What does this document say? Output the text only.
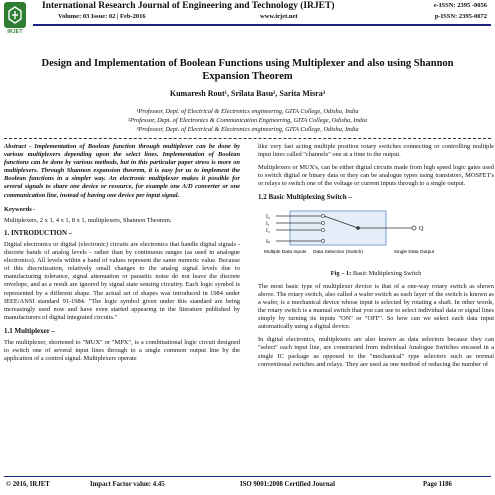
IRJET
International Research Journal of Engineering and Technology (IRJET)	e-ISSN: 2395 -0056
Volume: 03 Issue: 02 | Feb-2016	www.irjet.net	p-ISSN: 2395-0072
Design and Implementation of Boolean Functions using Multiplexer and also using Shannon Expansion Theorem
Kumaresh Rout¹, Srilata Basu², Sarita Misra³
¹Professor, Dept. of Electrical & Electronics engineering, GITA College, Odisha, India
²Professor, Dept. of Electronics & Communication Engineering, GITA College, Odisha, India
³Professor, Dept. of Electrical & Electronics engineering, GITA College, Odisha, India

Abstract - Implementation of Boolean function through multiplexer can be done by various multiplexers depending upon the select lines. Implementation of Boolean functions can be done by various methods, but in this particular paper stress is more on multiplexers. Through Shannon expansion theorem, it is easy for us to implement the Boolean functions in a simpler way. An electronic multiplexer makes it possible for several signals to share one device or resource, for example one A/D converter or one communication line, instead of having one device per input signal.

Keywords -

Multiplexers, 2 x 1, 4 x 1, 8 x 1, multiplexers, Shannon Theorem.

1. INTRODUCTION –

Digital electronics or digital (electronic) circuits are electronics that handle digital signals - discrete bands of analog levels - rather than by continuous ranges (as used in analogue electronics). All levels within a band of values represent the same numeric value. Because of this discretization, relatively small changes to the analog signal levels due to manufacturing tolerance, signal attenuation or parasitic noise do not leave the discrete envelope, and as a result are ignored by signal state sensing circuitry. Each logic symbol is represented by a different shape. The actual set of shapes was introduced in 1984 under IEEE/ANSI standard 91-1984. "The logic symbol given under this standard are being increasingly used now and have even started appearing in the literature published by manufacturers of digital integrated circuits."

1.1 Multiplexer –

The multiplexer, shortened to "MUX" or "MPX", is a combinational logic circuit designed to switch one of several input lines through to a single common output line by the application of a control signal. Multiplexers operate

like very fast acting multiple position rotary switches connecting or controlling multiple input lines called "channels" one at a time to the output.

Multiplexers or MUX's, can be either digital circuits made from high speed logic gates used to switch digital or binary data or they can be analogue types using transistors, MOSFET's or relays to switch one of the voltage or current inputs through to a single output.

1.2 Basic Multiplexing Switch –
I₀
I₁
I₂
Iₙ
Q
Multiple Data Inputs Data Selection (Switch)	Single Data Output
Fig – 1: Basic Multiplexing Switch

The most basic type of multiplexer device is that of a one-way rotary switch as shown above. The rotary switch, also called a wafer switch as each layer of the switch is known as a wafer, is a mechanical device whose input is selected by rotating a shaft. In other words, the rotary switch is a manual switch that you can use to select individual data or signal lines simply by turning its inputs "ON" or "OFF". So how can we select each data input automatically using a digital device.

In digital electronics, multiplexers are also known as data selectors because they can "select" each input line, are constructed from individual Analogue Switches encased in a single IC package as opposed to the "mechanical" type selectors such as normal conventional switches and relays. They are used as one method of reducing the number of

© 2016, IRJET	Impact Factor value: 4.45	ISO 9001:2008 Certified Journal	Page 1186
